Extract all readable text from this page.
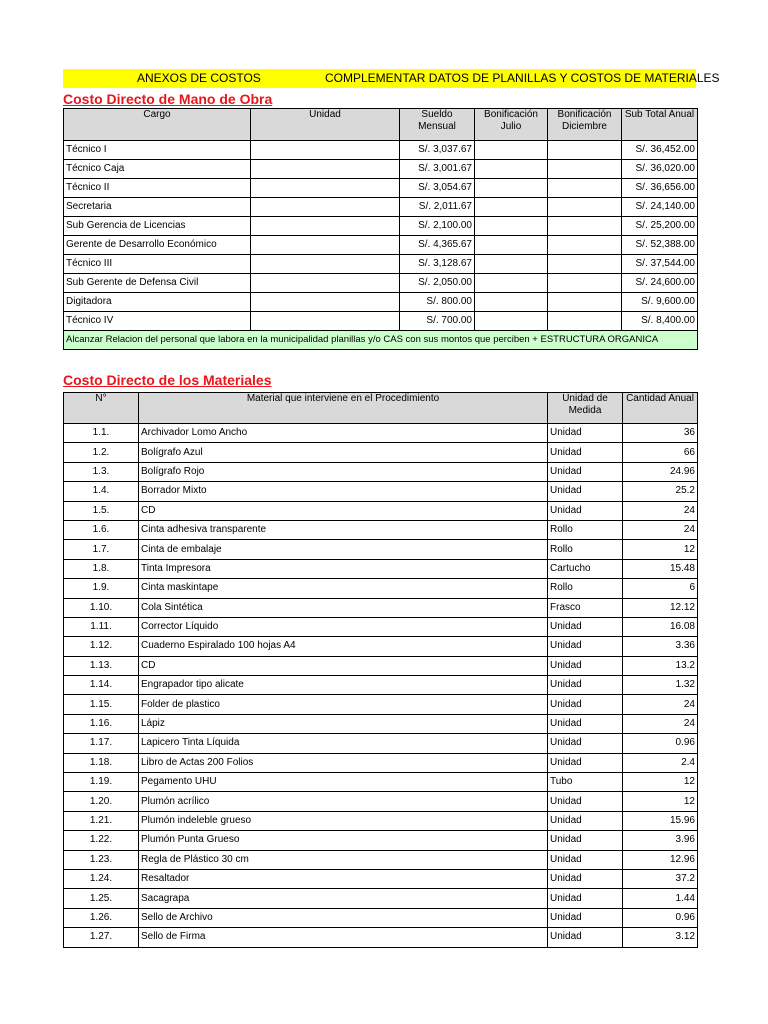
ANEXOS DE COSTOS	COMPLEMENTAR DATOS DE PLANILLAS Y COSTOS DE MATERIALES
Costo Directo de Mano de Obra
Cargo	Unidad	Sueldo Mensual	Bonificación Julio	Bonificación Diciembre	Sub Total Anual
Técnico I		S/. 3,037.67			S/. 36,452.00
Técnico Caja		S/. 3,001.67			S/. 36,020.00
Técnico II		S/. 3,054.67			S/. 36,656.00
Secretaria		S/. 2,011.67			S/. 24,140.00
Sub Gerencia de Licencias		S/. 2,100.00			S/. 25,200.00
Gerente de Desarrollo Económico		S/. 4,365.67			S/. 52,388.00
Técnico III		S/. 3,128.67			S/. 37,544.00
Sub Gerente de Defensa Civil		S/. 2,050.00			S/. 24,600.00
Digitadora		S/. 800.00			S/. 9,600.00
Técnico IV		S/. 700.00			S/. 8,400.00
Alcanzar Relacion del personal que labora en la municipalidad planillas y/o CAS con sus montos que perciben + ESTRUCTURA ORGANICA					
Costo Directo de los Materiales
N°	Material que interviene en el Procedimiento	Unidad de Medida	Cantidad Anual
1.1.	Archivador Lomo Ancho	Unidad	36
1.2.	Bolígrafo Azul	Unidad	66
1.3.	Bolígrafo Rojo	Unidad	24.96
1.4.	Borrador Mixto	Unidad	25.2
1.5.	CD	Unidad	24
1.6.	Cinta adhesiva transparente	Rollo	24
1.7.	Cinta de embalaje	Rollo	12
1.8.	Tinta Impresora	Cartucho	15.48
1.9.	Cinta maskintape	Rollo	6
1.10.	Cola Sintética	Frasco	12.12
1.11.	Corrector Líquido	Unidad	16.08
1.12.	Cuaderno Espiralado 100 hojas A4	Unidad	3.36
1.13.	CD	Unidad	13.2
1.14.	Engrapador tipo alicate	Unidad	1.32
1.15.	Folder de plastico	Unidad	24
1.16.	Lápiz	Unidad	24
1.17.	Lapicero Tinta Líquida	Unidad	0.96
1.18.	Libro de Actas 200 Folios	Unidad	2.4
1.19.	Pegamento UHU	Tubo	12
1.20.	Plumón acrílico	Unidad	12
1.21.	Plumón indeleble grueso	Unidad	15.96
1.22.	Plumón Punta Grueso	Unidad	3.96
1.23.	Regla de Plástico 30 cm	Unidad	12.96
1.24.	Resaltador	Unidad	37.2
1.25.	Sacagrapa	Unidad	1.44
1.26.	Sello de Archivo	Unidad	0.96
1.27.	Sello de Firma	Unidad	3.12
